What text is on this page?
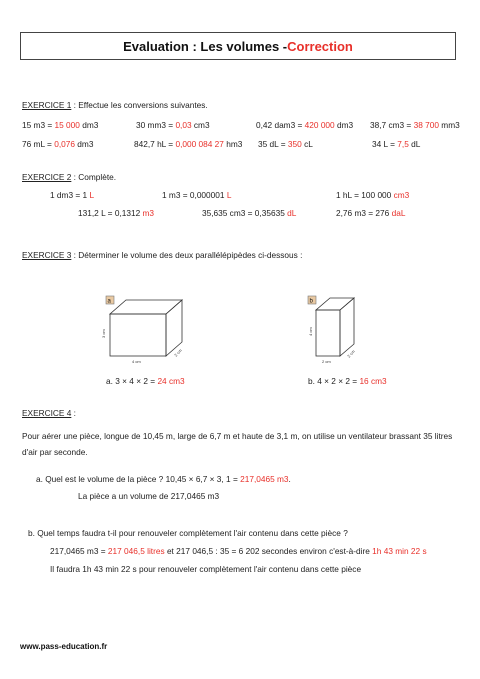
Evaluation : Les volumes - Correction
EXERCICE 1 : Effectue les conversions suivantes.
15 m3 = 15 000 dm3	30 mm3 = 0,03 cm3	0,42 dam3 = 420 000 dm3 38,7 cm3 = 38 700 mm3
76 mL = 0,076 dm3	842,7 hL = 0,000 084 27 hm3 35 dL = 350 cL	34 L = 7,5 dL
EXERCICE 2 : Complète.
1 dm3 = 1 L	1 m3 = 0,000001 L	1 hL = 100 000 cm3
131,2 L = 0,1312 m3	35,635 cm3 = 0,35635 dL	2,76 m3 = 276 daL
EXERCICE 3 : Déterminer le volume des deux parallélépipèdes ci-dessous :
a
3 cm
4 cm
2 cm
b
4 cm
2 cm
2 cm
a. 3 × 4 × 2 = 24 cm3	b. 4 × 2 × 2 = 16 cm3
EXERCICE 4 :
Pour aérer une pièce, longue de 10,45 m, large de 6,7 m et haute de 3,1 m, on utilise un ventilateur brassant 35 litres
d'air par seconde.
a. Quel est le volume de la pièce ? 10,45 × 6,7 × 3, 1 = 217,0465 m3.
La pièce a un volume de 217,0465 m3
b. Quel temps faudra t-il pour renouveler complètement l'air contenu dans cette pièce ?
217,0465 m3 = 217 046,5 litres et 217 046,5 : 35 = 6 202 secondes environ c'est-à-dire 1h 43 min 22 s
Il faudra 1h 43 min 22 s pour renouveler complètement l'air contenu dans cette pièce
www.pass-education.fr
